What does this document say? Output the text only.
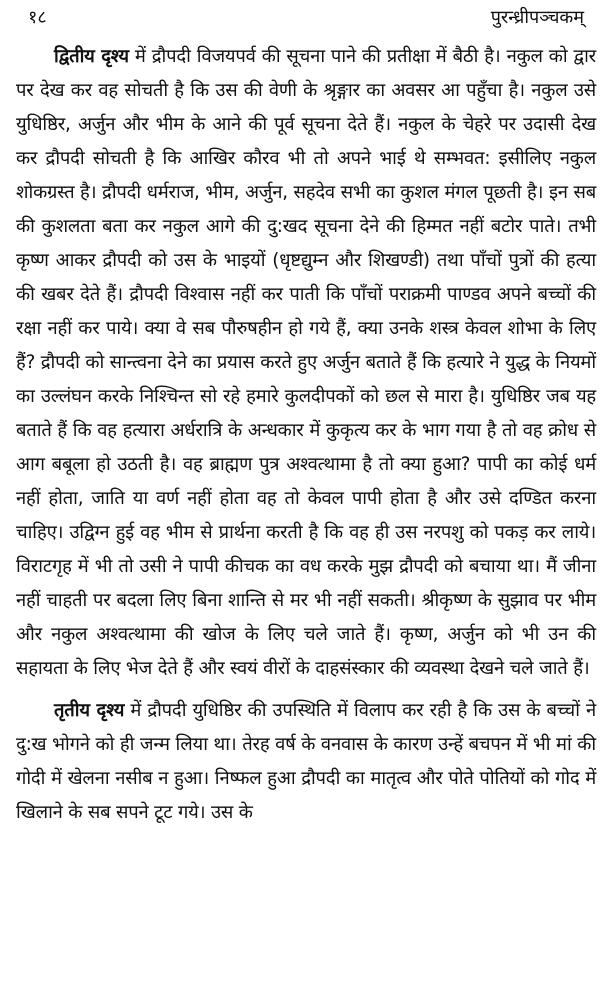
१८	पुरन्ध्रीपञ्चकम्

द्वितीय दृश्य में द्रौपदी विजयपर्व की सूचना पाने की प्रतीक्षा में बैठी है। नकुल को द्वार पर देख कर वह सोचती है कि उस की वेणी के श्रृङ्गार का अवसर आ पहुँचा है। नकुल उसे युधिष्ठिर, अर्जुन और भीम के आने की पूर्व सूचना देते हैं। नकुल के चेहरे पर उदासी देख कर द्रौपदी सोचती है कि आखिर कौरव भी तो अपने भाई थे सम्भवत: इसीलिए नकुल शोकग्रस्त है। द्रौपदी धर्मराज, भीम, अर्जुन, सहदेव सभी का कुशल मंगल पूछती है। इन सब की कुशलता बता कर नकुल आगे की दु:खद सूचना देने की हिम्मत नहीं बटोर पाते। तभी कृष्ण आकर द्रौपदी को उस के भाइयों (धृष्टद्युम्न और शिखण्डी) तथा पाँचों पुत्रों की हत्या की खबर देते हैं। द्रौपदी विश्वास नहीं कर पाती कि पाँचों पराक्रमी पाण्डव अपने बच्चों की रक्षा नहीं कर पाये। क्या वे सब पौरुषहीन हो गये हैं, क्या उनके शस्त्र केवल शोभा के लिए हैं? द्रौपदी को सान्त्वना देने का प्रयास करते हुए अर्जुन बताते हैं कि हत्यारे ने युद्ध के नियमों का उल्लंघन करके निश्चिन्त सो रहे हमारे कुलदीपकों को छल से मारा है। युधिष्ठिर जब यह बताते हैं कि वह हत्यारा अर्धरात्रि के अन्धकार में कुकृत्य कर के भाग गया है तो वह क्रोध से आग बबूला हो उठती है। वह ब्राह्मण पुत्र अश्वत्थामा है तो क्या हुआ? पापी का कोई धर्म नहीं होता, जाति या वर्ण नहीं होता वह तो केवल पापी होता है और उसे दण्डित करना चाहिए। उद्विग्न हुई वह भीम से प्रार्थना करती है कि वह ही उस नरपशु को पकड़ कर लाये। विराटगृह में भी तो उसी ने पापी कीचक का वध करके मुझ द्रौपदी को बचाया था। मैं जीना नहीं चाहती पर बदला लिए बिना शान्ति से मर भी नहीं सकती। श्रीकृष्ण के सुझाव पर भीम और नकुल अश्वत्थामा की खोज के लिए चले जाते हैं। कृष्ण, अर्जुन को भी उन की सहायता के लिए भेज देते हैं और स्वयं वीरों के दाहसंस्कार की व्यवस्था देखने चले जाते हैं।

तृतीय दृश्य में द्रौपदी युधिष्ठिर की उपस्थिति में विलाप कर रही है कि उस के बच्चों ने दु:ख भोगने को ही जन्म लिया था। तेरह वर्ष के वनवास के कारण उन्हें बचपन में भी मां की गोदी में खेलना नसीब न हुआ। निष्फल हुआ द्रौपदी का मातृत्व और पोते पोतियों को गोद में खिलाने के सब सपने टूट गये। उस के
